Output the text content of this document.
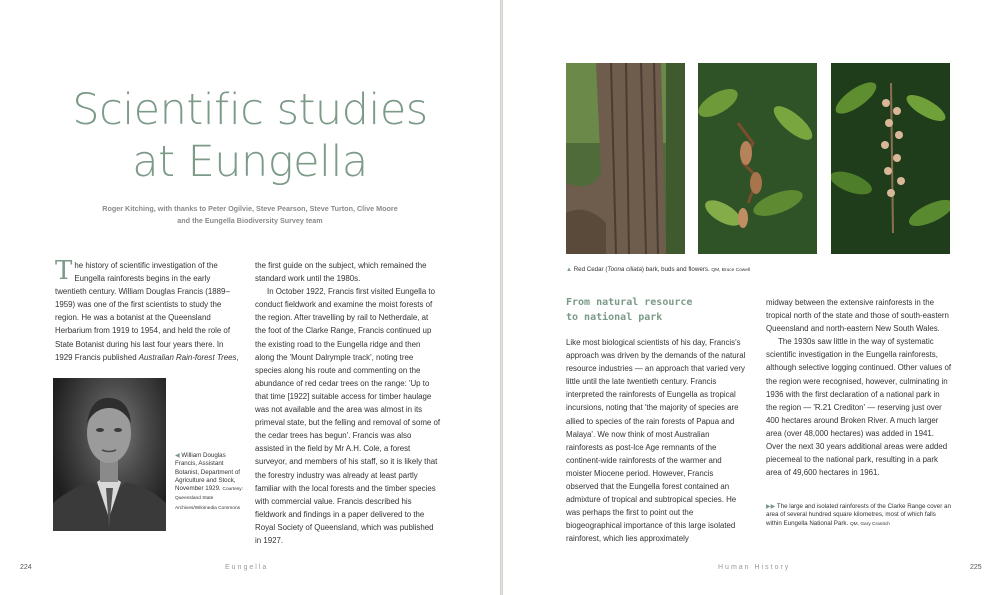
Scientific studies
at Eungella
Roger Kitching, with thanks to Peter Ogilvie, Steve Pearson, Steve Turton, Clive Moore
and the Eungella Biodiversity Survey team

The history of scientific investigation of the Eungella rainforests begins in the early twentieth century. William Douglas Francis (1889–1959) was one of the first scientists to study the region. He was a botanist at the Queensland Herbarium from 1919 to 1954, and held the role of State Botanist during his last four years there. In 1929 Francis published Australian Rain-forest Trees,

◀ William Douglas Francis, Assistant Botanist, Department of Agriculture and Stock, November 1929. Courtesy: Queensland State Archives/Wikimedia Commons

the first guide on the subject, which remained the standard work until the 1980s.

In October 1922, Francis first visited Eungella to conduct fieldwork and examine the moist forests of the region. After travelling by rail to Netherdale, at the foot of the Clarke Range, Francis continued up the existing road to the Eungella ridge and then along the 'Mount Dalrymple track', noting tree species along his route and commenting on the abundance of red cedar trees on the range: 'Up to that time [1922] suitable access for timber haulage was not available and the area was almost in its primeval state, but the felling and removal of some of the cedar trees has begun'. Francis was also assisted in the field by Mr A.H. Cole, a forest surveyor, and members of his staff, so it is likely that the forestry industry was already at least partly familiar with the local forests and the timber species with commercial value. Francis described his fieldwork and findings in a paper delivered to the Royal Society of Queensland, which was published in 1927.

224	Eungella
▲ Red Cedar (Toona ciliata) bark, buds and flowers. QM, Bruce Cowell
From natural resource
to national park

Like most biological scientists of his day, Francis's approach was driven by the demands of the natural resource industries — an approach that varied very little until the late twentieth century. Francis interpreted the rainforests of Eungella as tropical incursions, noting that 'the majority of species are allied to species of the rain forests of Papua and Malaya'. We now think of most Australian rainforests as post-Ice Age remnants of the continent-wide rainforests of the warmer and moister Miocene period. However, Francis observed that the Eungella forest contained an admixture of tropical and subtropical species. He was perhaps the first to point out the biogeographical importance of this large isolated rainforest, which lies approximately

midway between the extensive rainforests in the tropical north of the state and those of south-eastern Queensland and north-eastern New South Wales.

The 1930s saw little in the way of systematic scientific investigation in the Eungella rainforests, although selective logging continued. Other values of the region were recognised, however, culminating in 1936 with the first declaration of a national park in the region — 'R.21 Crediton' — reserving just over 400 hectares around Broken River. A much larger area (over 48,000 hectares) was added in 1941. Over the next 30 years additional areas were added piecemeal to the national park, resulting in a park area of 49,600 hectares in 1961.

▶▶ The large and isolated rainforests of the Clarke Range cover an area of several hundred square kilometres, most of which falls within Eungella National Park. QM, Gary Cranitch
Human History	225
